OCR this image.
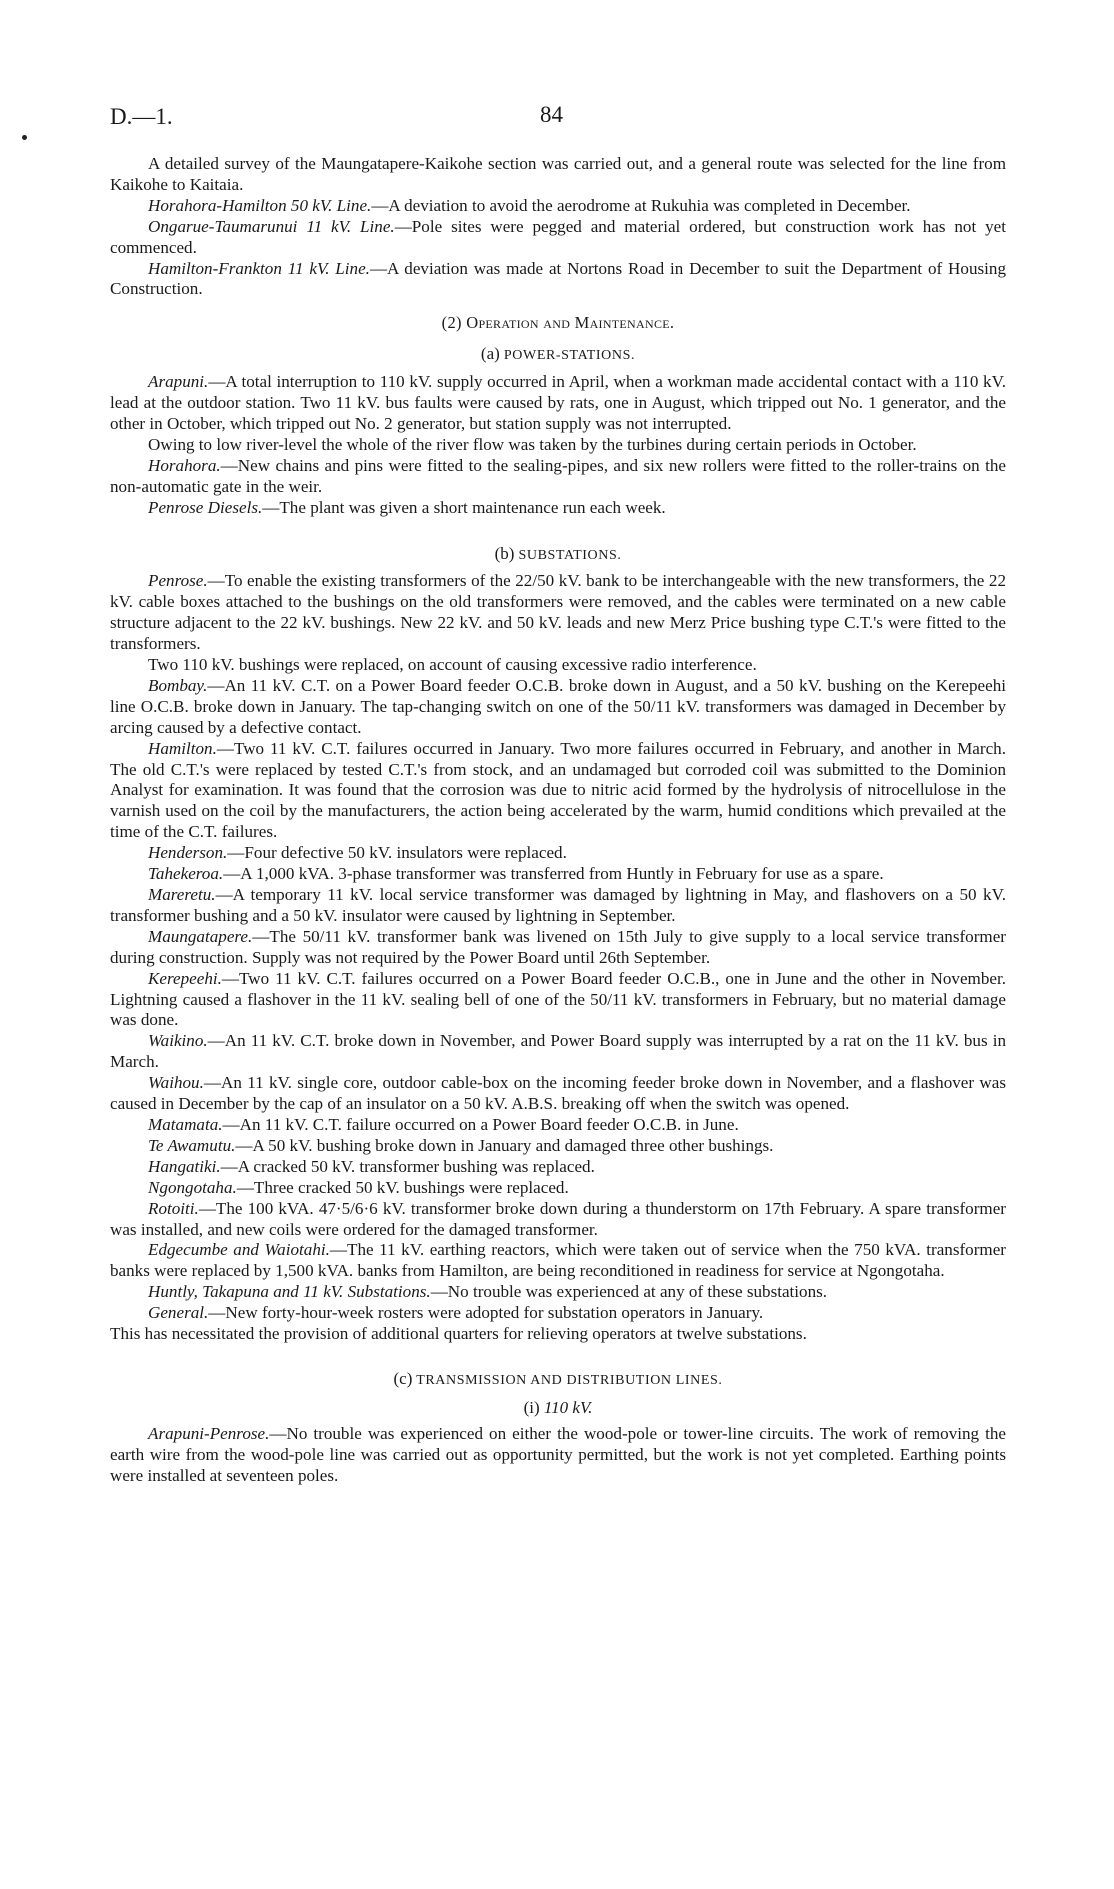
D.—1.	84

A detailed survey of the Maungatapere-Kaikohe section was carried out, and a general route was selected for the line from Kaikohe to Kaitaia.

Horahora-Hamilton 50 kV. Line.—A deviation to avoid the aerodrome at Rukuhia was completed in December.

Ongarue-Taumarunui 11 kV. Line.—Pole sites were pegged and material ordered, but construction work has not yet commenced.

Hamilton-Frankton 11 kV. Line.—A deviation was made at Nortons Road in December to suit the Department of Housing Construction.

(2) Operation and Maintenance.
(a) POWER-STATIONS.

Arapuni.—A total interruption to 110 kV. supply occurred in April, when a workman made accidental contact with a 110 kV. lead at the outdoor station. Two 11 kV. bus faults were caused by rats, one in August, which tripped out No. 1 generator, and the other in October, which tripped out No. 2 generator, but station supply was not interrupted.

Owing to low river-level the whole of the river flow was taken by the turbines during certain periods in October.

Horahora.—New chains and pins were fitted to the sealing-pipes, and six new rollers were fitted to the roller-trains on the non-automatic gate in the weir.

Penrose Diesels.—The plant was given a short maintenance run each week.

(b) SUBSTATIONS.

Penrose.—To enable the existing transformers of the 22/50 kV. bank to be interchangeable with the new transformers, the 22 kV. cable boxes attached to the bushings on the old transformers were removed, and the cables were terminated on a new cable structure adjacent to the 22 kV. bushings. New 22 kV. and 50 kV. leads and new Merz Price bushing type C.T.'s were fitted to the transformers.

Two 110 kV. bushings were replaced, on account of causing excessive radio interference.

Bombay.—An 11 kV. C.T. on a Power Board feeder O.C.B. broke down in August, and a 50 kV. bushing on the Kerepeehi line O.C.B. broke down in January. The tap-changing switch on one of the 50/11 kV. transformers was damaged in December by arcing caused by a defective contact.

Hamilton.—Two 11 kV. C.T. failures occurred in January. Two more failures occurred in February, and another in March. The old C.T.'s were replaced by tested C.T.'s from stock, and an undamaged but corroded coil was submitted to the Dominion Analyst for examination. It was found that the corrosion was due to nitric acid formed by the hydrolysis of nitrocellulose in the varnish used on the coil by the manufacturers, the action being accelerated by the warm, humid conditions which prevailed at the time of the C.T. failures.

Henderson.—Four defective 50 kV. insulators were replaced.

Tahekeroa.—A 1,000 kVA. 3-phase transformer was transferred from Huntly in February for use as a spare.

Mareretu.—A temporary 11 kV. local service transformer was damaged by lightning in May, and flashovers on a 50 kV. transformer bushing and a 50 kV. insulator were caused by lightning in September.

Maungatapere.—The 50/11 kV. transformer bank was livened on 15th July to give supply to a local service transformer during construction. Supply was not required by the Power Board until 26th September.

Kerepeehi.—Two 11 kV. C.T. failures occurred on a Power Board feeder O.C.B., one in June and the other in November. Lightning caused a flashover in the 11 kV. sealing bell of one of the 50/11 kV. transformers in February, but no material damage was done.

Waikino.—An 11 kV. C.T. broke down in November, and Power Board supply was interrupted by a rat on the 11 kV. bus in March.

Waihou.—An 11 kV. single core, outdoor cable-box on the incoming feeder broke down in November, and a flashover was caused in December by the cap of an insulator on a 50 kV. A.B.S. breaking off when the switch was opened.

Matamata.—An 11 kV. C.T. failure occurred on a Power Board feeder O.C.B. in June.

Te Awamutu.—A 50 kV. bushing broke down in January and damaged three other bushings.

Hangatiki.—A cracked 50 kV. transformer bushing was replaced.

Ngongotaha.—Three cracked 50 kV. bushings were replaced.

Rotoiti.—The 100 kVA. 47·5/6·6 kV. transformer broke down during a thunderstorm on 17th February. A spare transformer was installed, and new coils were ordered for the damaged transformer.

Edgecumbe and Waiotahi.—The 11 kV. earthing reactors, which were taken out of service when the 750 kVA. transformer banks were replaced by 1,500 kVA. banks from Hamilton, are being reconditioned in readiness for service at Ngongotaha.

Huntly, Takapuna and 11 kV. Substations.—No trouble was experienced at any of these substations.

General.—New forty-hour-week rosters were adopted for substation operators in January.

This has necessitated the provision of additional quarters for relieving operators at twelve substations.

(c) TRANSMISSION AND DISTRIBUTION LINES.
(i) 110 kV.

Arapuni-Penrose.—No trouble was experienced on either the wood-pole or tower-line circuits. The work of removing the earth wire from the wood-pole line was carried out as opportunity permitted, but the work is not yet completed. Earthing points were installed at seventeen poles.
